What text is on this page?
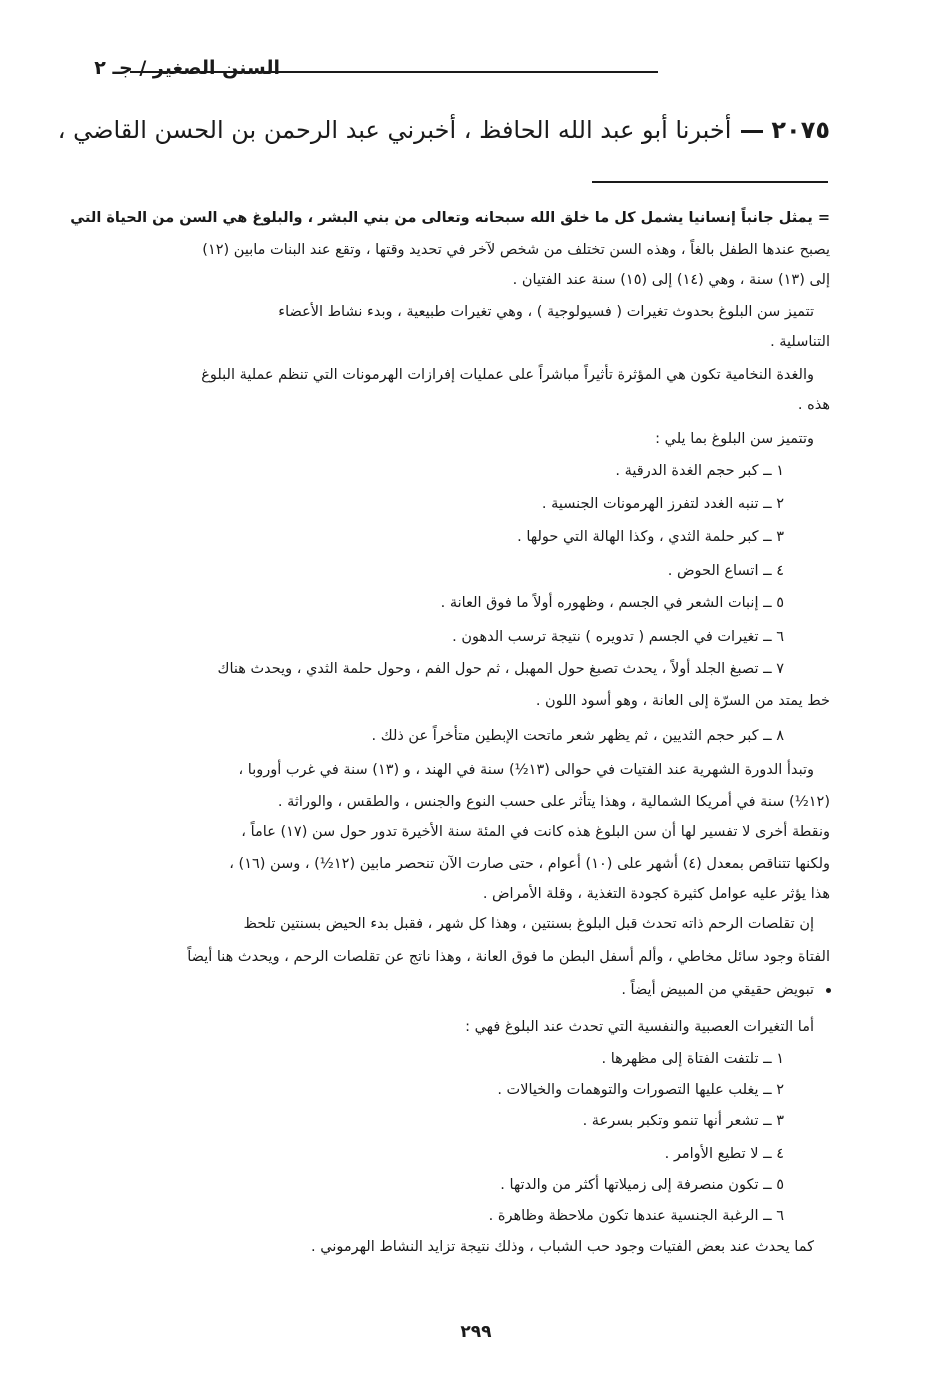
السنن الصغير / جـ ٢
٢٠٧٥أخبرنا أبو عبد الله الحافظ ، أخبرني عبد الرحمن بن الحسن القاضي ،
= يمثل جانباً إنسانيا يشمل كل ما خلق الله سبحانه وتعالى من بني البشر ، والبلوغ هي السن من الحياة التي
يصبح عندها الطفل بالغاً ، وهذه السن تختلف من شخص لآخر في تحديد وقتها ، وتقع عند البنات مابين (١٢)
إلى (١٣) سنة ، وهي (١٤) إلى (١٥) سنة عند الفتيان .
تتميز سن البلوغ بحدوث تغيرات ( فسيولوجية ) ، وهي تغيرات طبيعية ، وبدء نشاط الأعضاء
التناسلية .
والغدة النخامية تكون هي المؤثرة تأثيراً مباشراً على عمليات إفرازات الهرمونات التي تنظم عملية البلوغ
هذه .
وتتميز سن البلوغ بما يلي :
١ ــ كبر حجم الغدة الدرقية .
٢ ــ تنبه الغدد لتفرز الهرمونات الجنسية .
٣ ــ كبر حلمة الثدي ، وكذا الهالة التي حولها .
٤ ــ اتساع الحوض .
٥ ــ إنبات الشعر في الجسم ، وظهوره أولاً ما فوق العانة .
٦ ــ تغيرات في الجسم ( تدويره ) نتيجة ترسب الدهون .
٧ ــ تصبغ الجلد أولاً ، يحدث تصبغ حول المهبل ، ثم حول الفم ، وحول حلمة الثدي ، ويحدث هناك
خط يمتد من السرّة إلى العانة ، وهو أسود اللون .
٨ ــ كبر حجم الثديين ، ثم يظهر شعر ماتحت الإبطين متأخراً عن ذلك .
وتبدأ الدورة الشهرية عند الفتيات في حوالى (١٣½) سنة في الهند ، و (١٣) سنة في غرب أوروبا ،
(١٢½) سنة في أمريكا الشمالية ، وهذا يتأثر على حسب النوع والجنس ، والطقس ، والوراثة .
ونقطة أخرى لا تفسير لها أن سن البلوغ هذه كانت في المئة سنة الأخيرة تدور حول سن (١٧) عاماً ،
ولكنها تتناقص بمعدل (٤) أشهر على (١٠) أعوام ، حتى صارت الآن تنحصر مابين (١٢½) ، وسن (١٦) ،
هذا يؤثر عليه عوامل كثيرة كجودة التغذية ، وقلة الأمراض .
إن تقلصات الرحم ذاته تحدث قبل البلوغ بسنتين ، وهذا كل شهر ، فقبل بدء الحيض بسنتين تلحظ
الفتاة وجود سائل مخاطي ، وألم أسفل البطن ما فوق العانة ، وهذا ناتج عن تقلصات الرحم ، ويحدث هنا أيضاً
تبويض حقيقي من المبيض أيضاً .
أما التغيرات العصبية والنفسية التي تحدث عند البلوغ فهي :
١ ــ تلتفت الفتاة إلى مظهرها .
٢ ــ يغلب عليها التصورات والتوهمات والخيالات .
٣ ــ تشعر أنها تنمو وتكبر بسرعة .
٤ ــ لا تطيع الأوامر .
٥ ــ تكون منصرفة إلى زميلاتها أكثر من والدتها .
٦ ــ الرغبة الجنسية عندها تكون ملاحظة وظاهرة .
كما يحدث عند بعض الفتيات وجود حب الشباب ، وذلك نتيجة تزايد النشاط الهرموني .
٢٩٩
